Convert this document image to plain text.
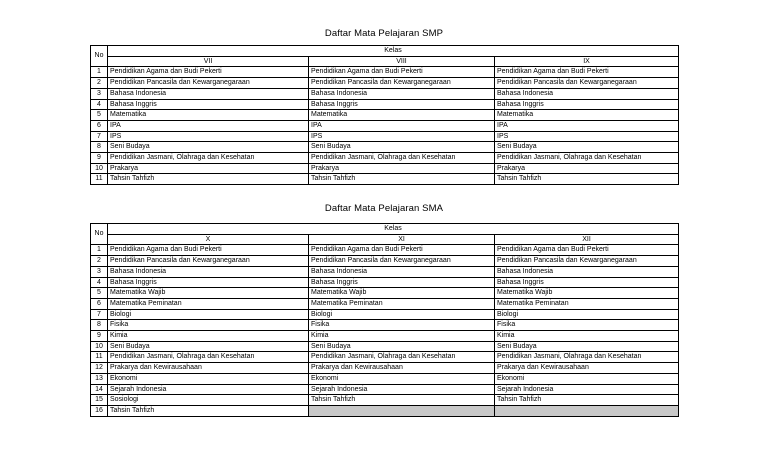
Daftar Mata Pelajaran SMP
No	Kelas		
	VII	VIII	IX
1	Pendidikan Agama dan Budi Pekerti	Pendidikan Agama dan Budi Pekerti	Pendidikan Agama dan Budi Pekerti
2	Pendidikan Pancasila dan Kewarganegaraan	Pendidikan Pancasila dan Kewarganegaraan	Pendidikan Pancasila dan Kewarganegaraan
3	Bahasa Indonesia	Bahasa Indonesia	Bahasa Indonesia
4	Bahasa Inggris	Bahasa Inggris	Bahasa Inggris
5	Matematika	Matematika	Matematika
6	IPA	IPA	IPA
7	IPS	IPS	IPS
8	Seni Budaya	Seni Budaya	Seni Budaya
9	Pendidikan Jasmani, Olahraga dan Kesehatan	Pendidikan Jasmani, Olahraga dan Kesehatan	Pendidikan Jasmani, Olahraga dan Kesehatan
10	Prakarya	Prakarya	Prakarya
11	Tahsin Tahfizh	Tahsin Tahfizh	Tahsin Tahfizh
Daftar Mata Pelajaran SMA
No	Kelas		
	X	XI	XII
1	Pendidikan Agama dan Budi Pekerti	Pendidikan Agama dan Budi Pekerti	Pendidikan Agama dan Budi Pekerti
2	Pendidikan Pancasila dan Kewarganegaraan	Pendidikan Pancasila dan Kewarganegaraan	Pendidikan Pancasila dan Kewarganegaraan
3	Bahasa Indonesia	Bahasa Indonesia	Bahasa Indonesia
4	Bahasa Inggris	Bahasa Inggris	Bahasa Inggris
5	Matematika Wajib	Matematika Wajib	Matematika Wajib
6	Matematika Peminatan	Matematika Peminatan	Matematika Peminatan
7	Biologi	Biologi	Biologi
8	Fisika	Fisika	Fisika
9	Kimia	Kimia	Kimia
10	Seni Budaya	Seni Budaya	Seni Budaya
11	Pendidikan Jasmani, Olahraga dan Kesehatan	Pendidikan Jasmani, Olahraga dan Kesehatan	Pendidikan Jasmani, Olahraga dan Kesehatan
12	Prakarya dan Kewirausahaan	Prakarya dan Kewirausahaan	Prakarya dan Kewirausahaan
13	Ekonomi	Ekonomi	Ekonomi
14	Sejarah Indonesia	Sejarah Indonesia	Sejarah Indonesia
15	Sosiologi	Tahsin Tahfizh	Tahsin Tahfizh
16	Tahsin Tahfizh		
